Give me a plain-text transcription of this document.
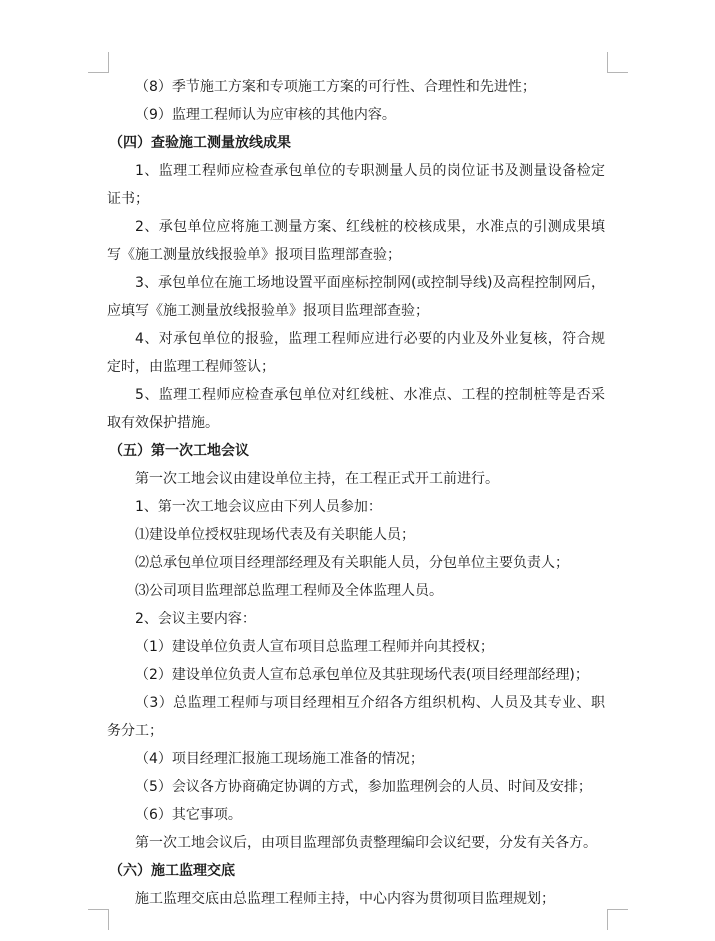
（8）季节施工方案和专项施工方案的可行性、合理性和先进性；
（9）监理工程师认为应审核的其他内容。
（四）查验施工测量放线成果
1、监理工程师应检查承包单位的专职测量人员的岗位证书及测量设备检定
证书；
2、承包单位应将施工测量方案、红线桩的校核成果，水准点的引测成果填
写《施工测量放线报验单》报项目监理部查验；
3、承包单位在施工场地设置平面座标控制网(或控制导线)及高程控制网后，
应填写《施工测量放线报验单》报项目监理部查验；
4、对承包单位的报验，监理工程师应进行必要的内业及外业复核，符合规
定时，由监理工程师签认；
5、监理工程师应检查承包单位对红线桩、水准点、工程的控制桩等是否采
取有效保护措施。
（五）第一次工地会议
第一次工地会议由建设单位主持，在工程正式开工前进行。
1、第一次工地会议应由下列人员参加：
⑴建设单位授权驻现场代表及有关职能人员；
⑵总承包单位项目经理部经理及有关职能人员，分包单位主要负责人；
⑶公司项目监理部总监理工程师及全体监理人员。
2、会议主要内容：
（1）建设单位负责人宣布项目总监理工程师并向其授权；
（2）建设单位负责人宣布总承包单位及其驻现场代表(项目经理部经理)；
（3）总监理工程师与项目经理相互介绍各方组织机构、人员及其专业、职
务分工；
（4）项目经理汇报施工现场施工准备的情况；
（5）会议各方协商确定协调的方式，参加监理例会的人员、时间及安排；
（6）其它事项。
第一次工地会议后，由项目监理部负责整理编印会议纪要，分发有关各方。
（六）施工监理交底
施工监理交底由总监理工程师主持，中心内容为贯彻项目监理规划；
